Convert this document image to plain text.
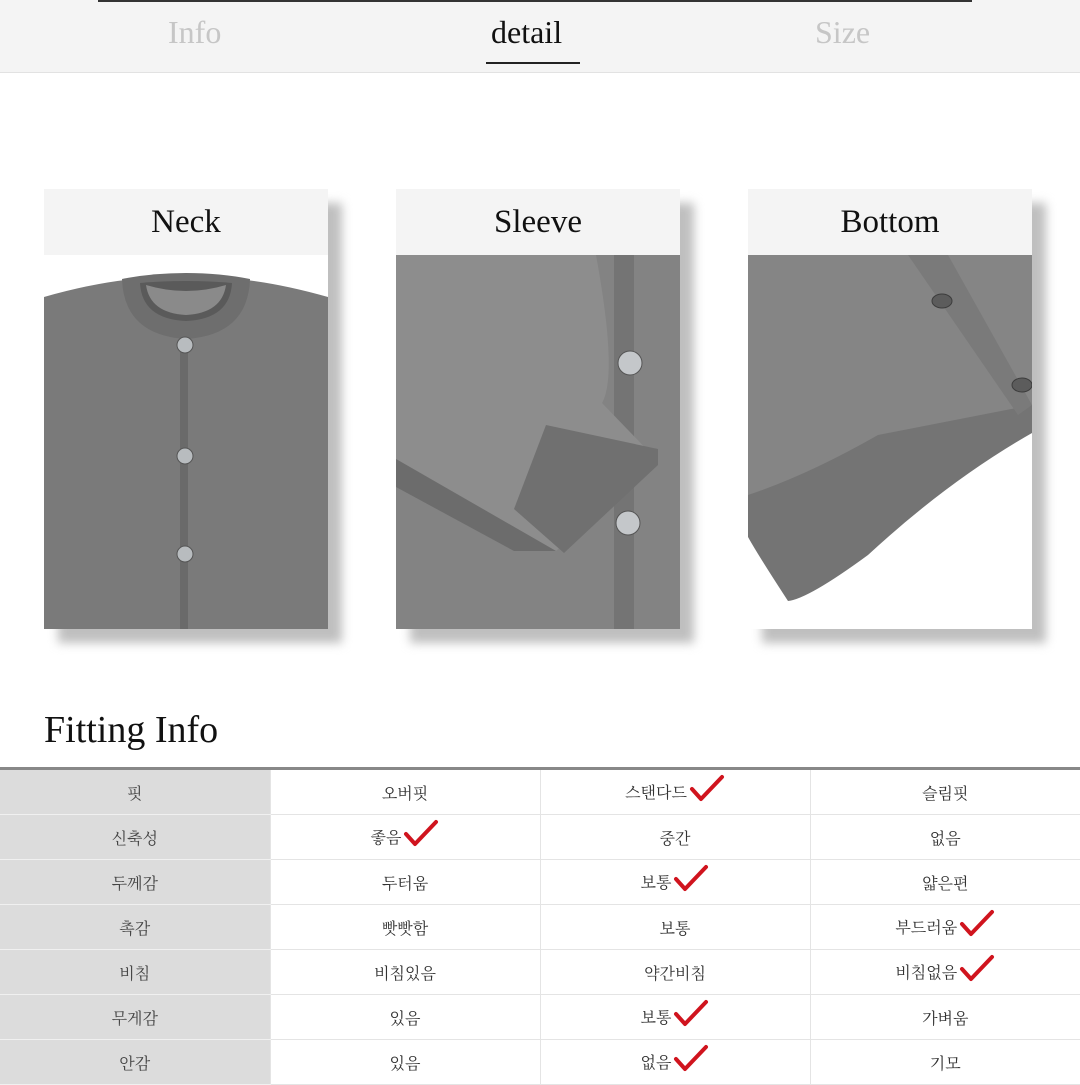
Info	detail	Size
Neck	Sleeve	Bottom
Fitting Info
핏	오버핏	스탠다드	슬림핏
신축성	좋음	중간	없음
두께감	두터움	보통	얇은편
촉감	빳빳함	보통	부드러움
비침	비침있음	약간비침	비침없음
무게감	있음	보통	가벼움
안감	있음	없음	기모
